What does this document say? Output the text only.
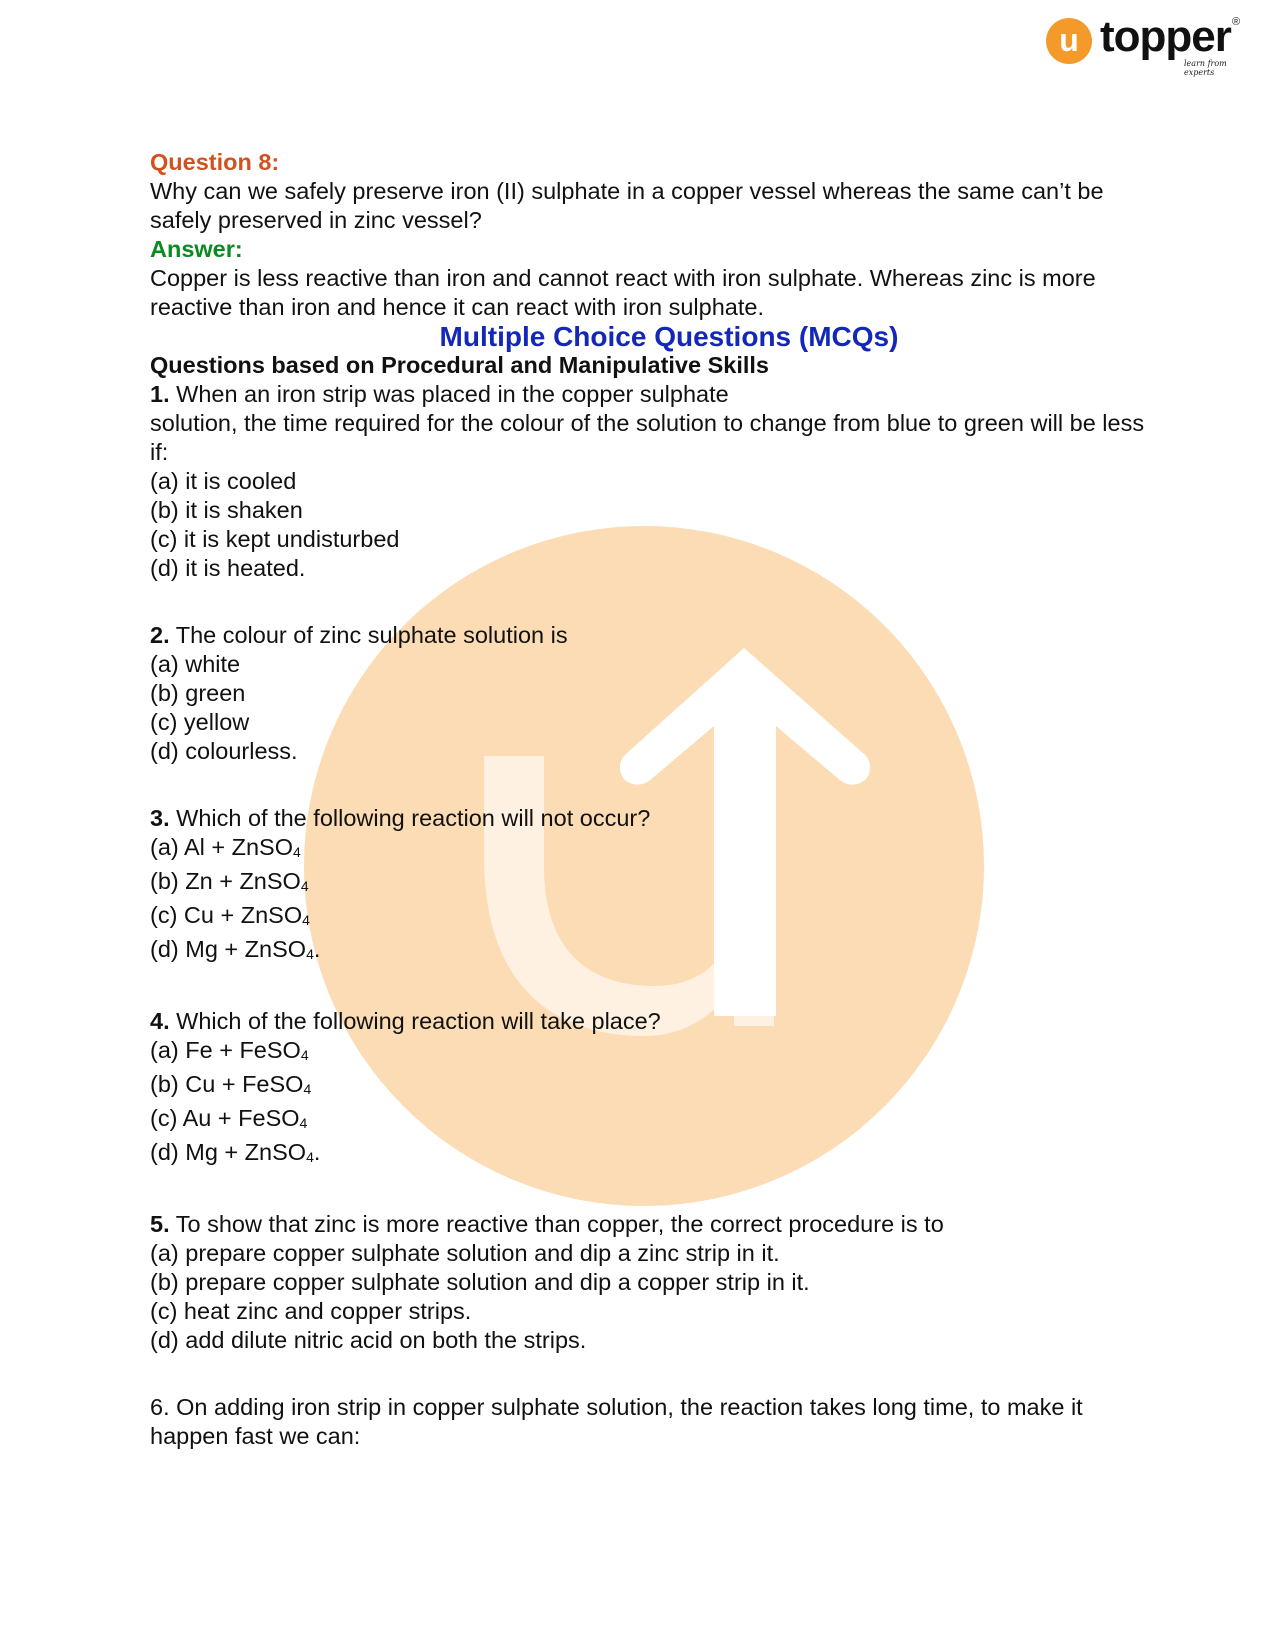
u topper
learn from experts
®

Question 8:

Why can we safely preserve iron (II) sulphate in a copper vessel whereas the same can’t be safely preserved in zinc vessel?

Answer:

Copper is less reactive than iron and cannot react with iron sulphate. Whereas zinc is more reactive than iron and hence it can react with iron sulphate.

Multiple Choice Questions (MCQs)

Questions based on Procedural and Manipulative Skills

1. When an iron strip was placed in the copper sulphate

solution, the time required for the colour of the solution to change from blue to green will be less if:

(a) it is cooled
(b) it is shaken
(c) it is kept undisturbed
(d) it is heated.

2. The colour of zinc sulphate solution is

(a) white
(b) green
(c) yellow
(d) colourless.

3. Which of the following reaction will not occur?

(a) Al + ZnSO$_4$
(b) Zn + ZnSO$_4$
(c) Cu + ZnSO$_4$
(d) Mg + ZnSO$_4$.

4. Which of the following reaction will take place?

(a) Fe + FeSO$_4$
(b) Cu + FeSO$_4$
(c) Au + FeSO$_4$
(d) Mg + ZnSO$_4$.

5. To show that zinc is more reactive than copper, the correct procedure is to

(a) prepare copper sulphate solution and dip a zinc strip in it.
(b) prepare copper sulphate solution and dip a copper strip in it.
(c) heat zinc and copper strips.
(d) add dilute nitric acid on both the strips.

6. On adding iron strip in copper sulphate solution, the reaction takes long time, to make it happen fast we can:
